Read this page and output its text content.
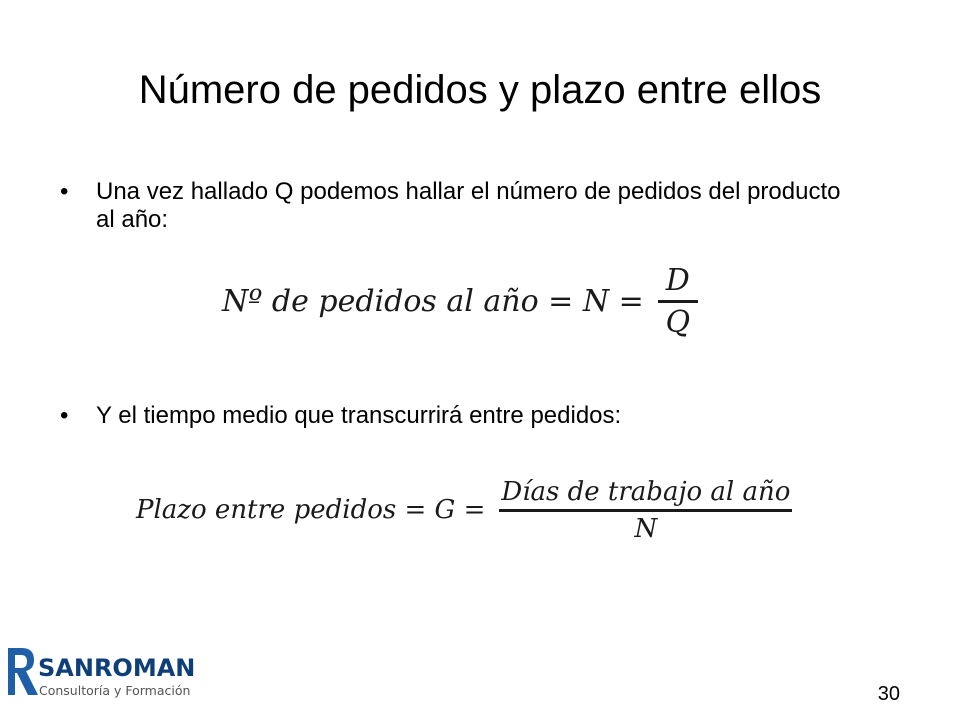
Número de pedidos y plazo entre ellos
• Una vez hallado Q podemos hallar el número de pedidos del producto al año:
Nº de pedidos al año = $N = \frac{D}{Q}$
• Y el tiempo medio que transcurrirá entre pedidos:
Plazo entre pedidos = $G = \frac{\text{Días de trabajo al año}}{N}$
SANROMAN
Consultoría y Formación	30
